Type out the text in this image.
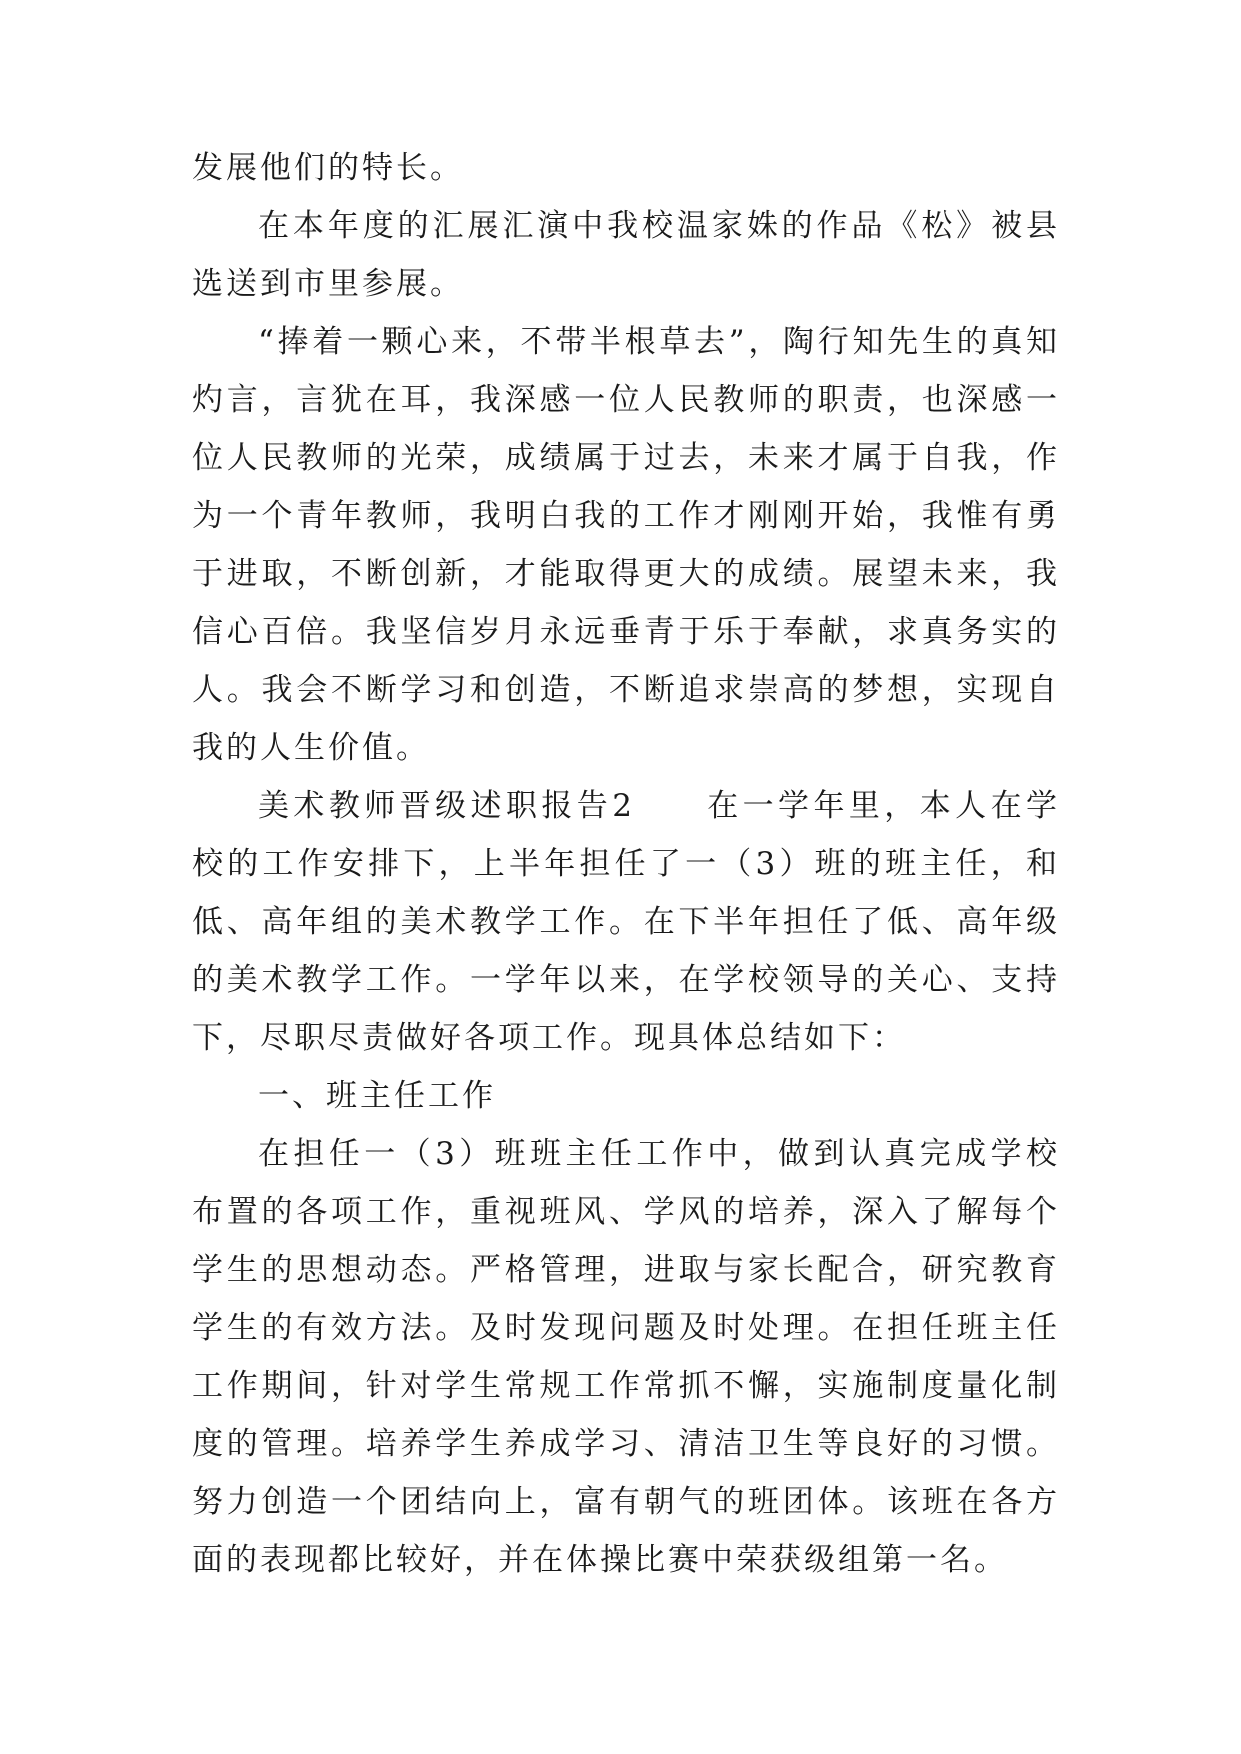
发展他们的特长。

在本年度的汇展汇演中我校温家姝的作品《松》被县选送到市里参展。

“捧着一颗心来，不带半根草去”，陶行知先生的真知灼言，言犹在耳，我深感一位人民教师的职责，也深感一位人民教师的光荣，成绩属于过去，未来才属于自我，作为一个青年教师，我明白我的工作才刚刚开始，我惟有勇于进取，不断创新，才能取得更大的成绩。展望未来，我信心百倍。我坚信岁月永远垂青于乐于奉献，求真务实的人。我会不断学习和创造，不断追求崇高的梦想，实现自我的人生价值。

美术教师晋级述职报告2　　在一学年里，本人在学校的工作安排下，上半年担任了一（3）班的班主任，和低、高年组的美术教学工作。在下半年担任了低、高年级的美术教学工作。一学年以来，在学校领导的关心、支持下，尽职尽责做好各项工作。现具体总结如下：

一、班主任工作

在担任一（3）班班主任工作中，做到认真完成学校布置的各项工作，重视班风、学风的培养，深入了解每个学生的思想动态。严格管理，进取与家长配合，研究教育学生的有效方法。及时发现问题及时处理。在担任班主任工作期间，针对学生常规工作常抓不懈，实施制度量化制度的管理。培养学生养成学习、清洁卫生等良好的习惯。努力创造一个团结向上，富有朝气的班团体。该班在各方面的表现都比较好，并在体操比赛中荣获级组第一名。
